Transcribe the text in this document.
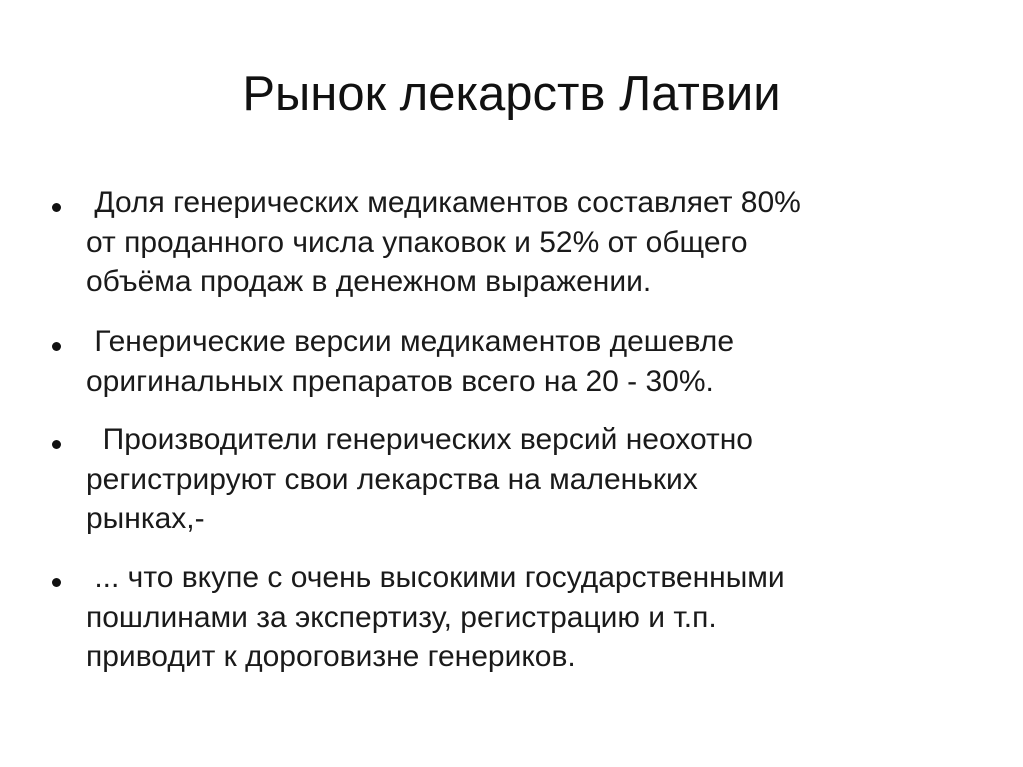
Рынок лекарств Латвии
Доля генерических медикаментов составляет 80%
от проданного числа упаковок и 52% от общего
объёма продаж в денежном выражении.
Генерические версии медикаментов дешевле
оригинальных препаратов всего на 20 - 30%.
Производители генерических версий неохотно
регистрируют свои лекарства на маленьких
рынках,-
... что вкупе с очень высокими государственными
пошлинами за экспертизу, регистрацию и т.п.
приводит к дороговизне генериков.
